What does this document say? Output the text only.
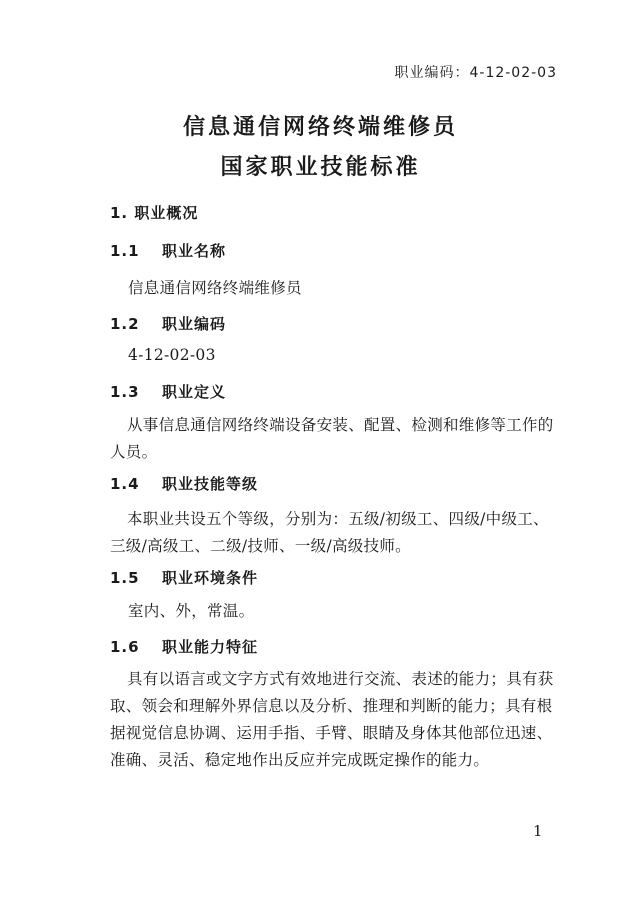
职业编码：4-12-02-03
信息通信网络终端维修员
国家职业技能标准
1. 职业概况
1.1 职业名称
信息通信网络终端维修员
1.2 职业编码
4-12-02-03
1.3 职业定义
从事信息通信网络终端设备安装、配置、检测和维修等工作的人员。
1.4 职业技能等级
本职业共设五个等级，分别为：五级/初级工、四级/中级工、三级/高级工、二级/技师、一级/高级技师。
1.5 职业环境条件
室内、外，常温。
1.6 职业能力特征
具有以语言或文字方式有效地进行交流、表述的能力；具有获取、领会和理解外界信息以及分析、推理和判断的能力；具有根据视觉信息协调、运用手指、手臂、眼睛及身体其他部位迅速、准确、灵活、稳定地作出反应并完成既定操作的能力。
1
